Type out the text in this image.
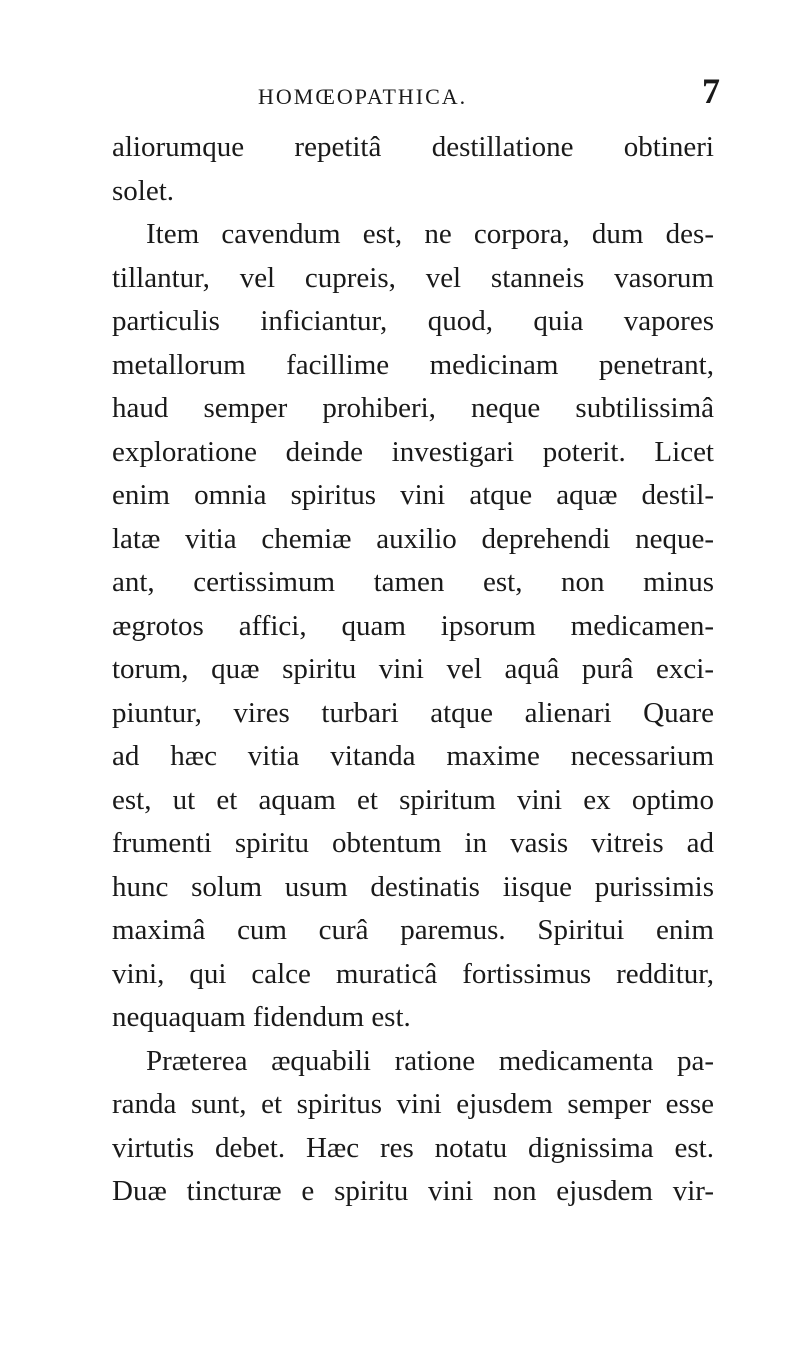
HOMŒOPATHICA.	7
aliorumque repetitâ destillatione obtineri
solet.
Item cavendum est, ne corpora, dum des-
tillantur, vel cupreis, vel stanneis vasorum
particulis inficiantur, quod, quia vapores
metallorum facillime medicinam penetrant,
haud semper prohiberi, neque subtilissimâ
exploratione deinde investigari poterit. Licet
enim omnia spiritus vini atque aquæ destil-
latæ vitia chemiæ auxilio deprehendi neque-
ant, certissimum tamen est, non minus
ægrotos affici, quam ipsorum medicamen-
torum, quæ spiritu vini vel aquâ purâ exci-
piuntur, vires turbari atque alienari Quare
ad hæc vitia vitanda maxime necessarium
est, ut et aquam et spiritum vini ex optimo
frumenti spiritu obtentum in vasis vitreis ad
hunc solum usum destinatis iisque purissimis
maximâ cum curâ paremus. Spiritui enim
vini, qui calce muraticâ fortissimus redditur,
nequaquam fidendum est.
Præterea æquabili ratione medicamenta pa-
randa sunt, et spiritus vini ejusdem semper esse
virtutis debet. Hæc res notatu dignissima est.
Duæ tincturæ e spiritu vini non ejusdem vir-
